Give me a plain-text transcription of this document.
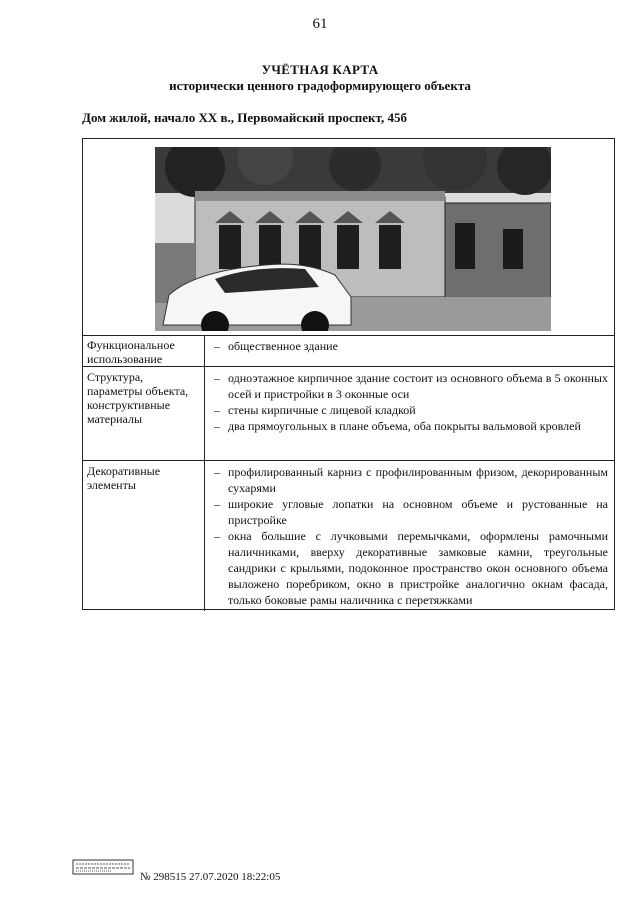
61
УЧЁТНАЯ КАРТА
исторически ценного градоформирующего объекта
Дом жилой, начало XX в., Первомайский проспект, 45б
Функциональное использование
– общественное здание
Структура, параметры объекта, конструктивные материалы
– одноэтажное кирпичное здание состоит из основного объема в 5 оконных осей и пристройки в 3 оконные оси
– стены кирпичные с лицевой кладкой
– два прямоугольных в плане объема, оба покрыты вальмовой кровлей
Декоративные элементы
– профилированный карниз с профилированным фризом, декорированным сухарями
– широкие угловые лопатки на основном объеме и рустованные на пристройке
– окна большие с лучковыми перемычками, оформлены рамочными наличниками, вверху декоративные замковые камни, треугольные сандрики с крыльями, подоконное пространство окон основного объема выложено поребриком, окно в пристройке аналогично окнам фасада, только боковые рамы наличника с перетяжками
№ 298515 27.07.2020 18:22:05
